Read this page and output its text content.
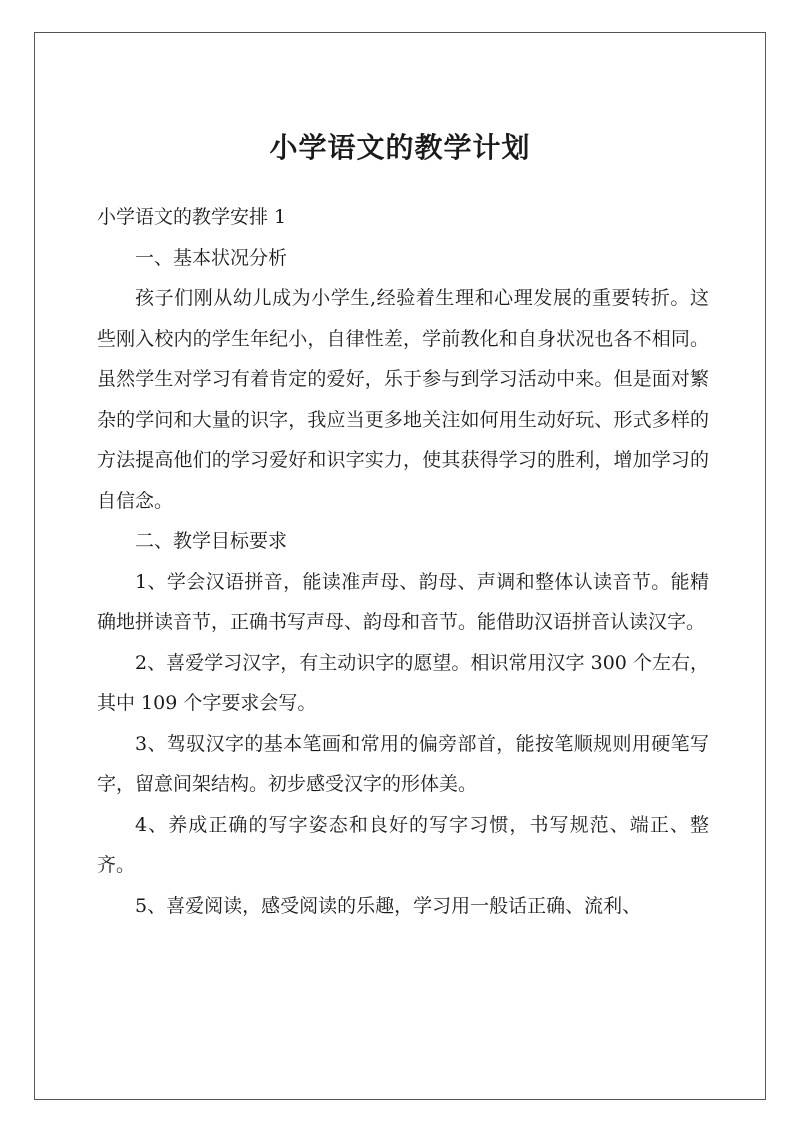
小学语文的教学计划

小学语文的教学安排 1

一、基本状况分析

孩子们刚从幼儿成为小学生,经验着生理和心理发展的重要转折。这些刚入校内的学生年纪小，自律性差，学前教化和自身状况也各不相同。虽然学生对学习有着肯定的爱好，乐于参与到学习活动中来。但是面对繁杂的学问和大量的识字，我应当更多地关注如何用生动好玩、形式多样的方法提高他们的学习爱好和识字实力，使其获得学习的胜利，增加学习的自信念。

二、教学目标要求

1、学会汉语拼音，能读准声母、韵母、声调和整体认读音节。能精确地拼读音节，正确书写声母、韵母和音节。能借助汉语拼音认读汉字。

2、喜爱学习汉字，有主动识字的愿望。相识常用汉字 300 个左右，其中 109 个字要求会写。

3、驾驭汉字的基本笔画和常用的偏旁部首，能按笔顺规则用硬笔写字，留意间架结构。初步感受汉字的形体美。

4、养成正确的写字姿态和良好的写字习惯，书写规范、端正、整齐。

5、喜爱阅读，感受阅读的乐趣，学习用一般话正确、流利、
